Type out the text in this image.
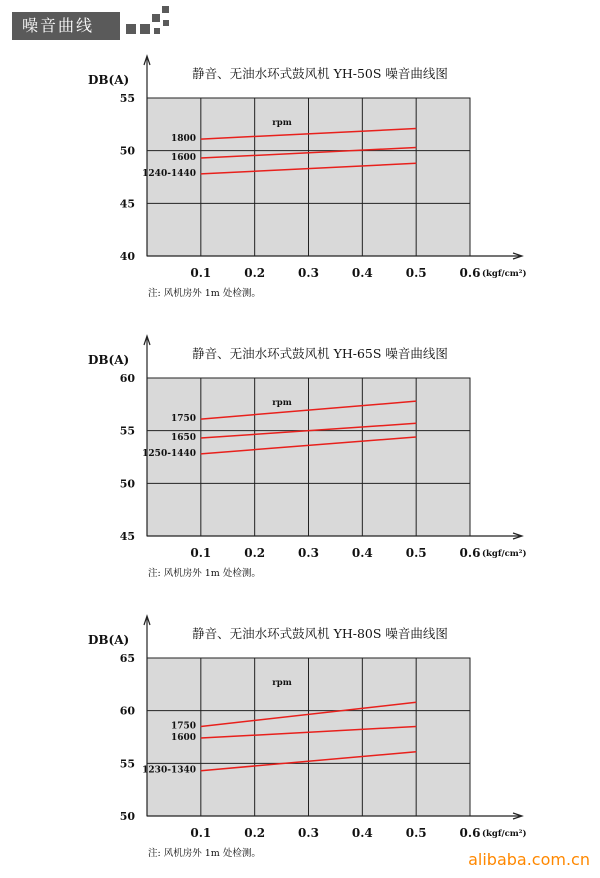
噪音曲线
静音、无油水环式鼓风机 YH-50S 噪音曲线图
DB(A)
55
50
45
40
0.1	0.2	0.3	0.4	0.5	0.6 (kgf/cm²)
rpm
1800
1600
1240-1440
注: 风机房外 1m 处检测。
静音、无油水环式鼓风机 YH-65S 噪音曲线图
DB(A)
60
55
50
45
0.1	0.2	0.3	0.4	0.5	0.6 (kgf/cm²)
rpm
1750
1650
1250-1440
注: 风机房外 1m 处检测。
静音、无油水环式鼓风机 YH-80S 噪音曲线图
DB(A)
65
60
55
50
0.1	0.2	0.3	0.4	0.5	0.6 (kgf/cm²)
rpm
1750
1600
1230-1340
注: 风机房外 1m 处检测。	alibaba.com.cn
